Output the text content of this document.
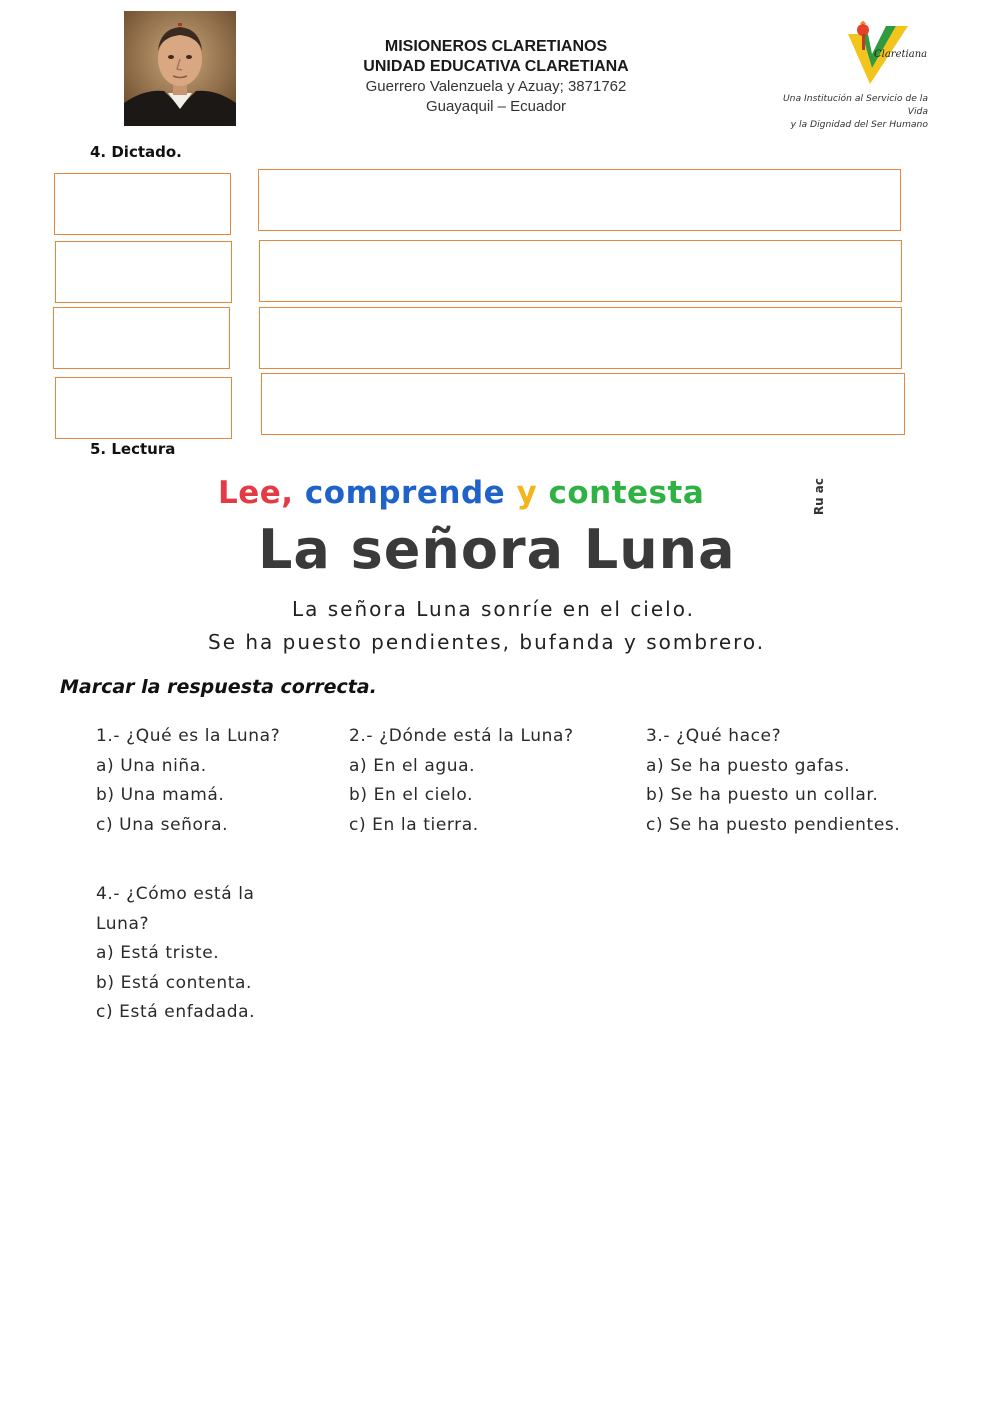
MISIONEROS CLARETIANOS
UNIDAD EDUCATIVA CLARETIANA
Guerrero Valenzuela y Azuay; 3871762
Guayaquil – Ecuador
Claretiana
Una Institución al Servicio de la Vida
y la Dignidad del Ser Humano
4. Dictado.
5. Lectura
Lee, comprende y contesta	Ru ac
La señora Luna
La señora Luna sonríe en el cielo.
Se ha puesto pendientes, bufanda y sombrero.
Marcar la respuesta correcta.
1.- ¿Qué es la Luna?
a) Una niña.
b) Una mamá.
c) Una señora.
2.- ¿Dónde está la Luna?
a) En el agua.
b) En el cielo.
c) En la tierra.
3.- ¿Qué hace?
a) Se ha puesto gafas.
b) Se ha puesto un collar.
c) Se ha puesto pendientes.
4.- ¿Cómo está la Luna?
a) Está triste.
b) Está contenta.
c) Está enfadada.
